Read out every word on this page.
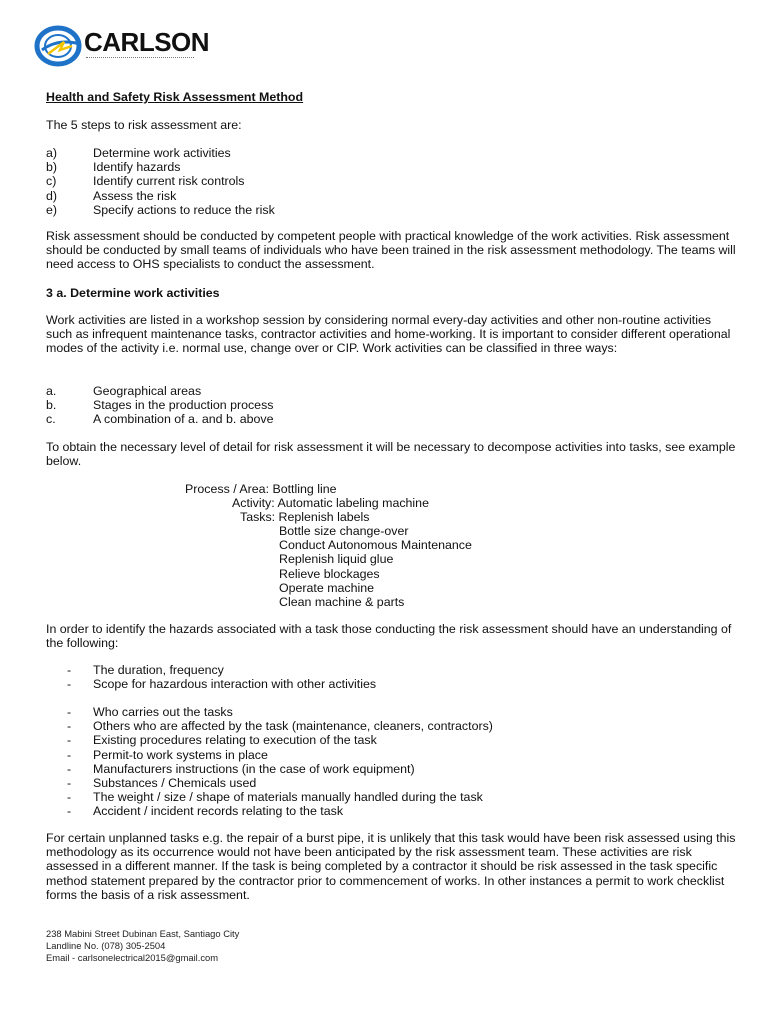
CARLSON
Health and Safety Risk Assessment Method
The 5 steps to risk assessment are:
a)	Determine work activities
b)	Identify hazards
c)	Identify current risk controls
d)	Assess the risk
e)	Specify actions to reduce the risk
Risk assessment should be conducted by competent people with practical knowledge of the work activities. Risk assessment should be conducted by small teams of individuals who have been trained in the risk assessment methodology. The teams will need access to OHS specialists to conduct the assessment.
3 a. Determine work activities
Work activities are listed in a workshop session by considering normal every-day activities and other non-routine activities such as infrequent maintenance tasks, contractor activities and home-working. It is important to consider different operational modes of the activity i.e. normal use, change over or CIP. Work activities can be classified in three ways:
a.	Geographical areas
b.	Stages in the production process
c.	A combination of a. and b. above
To obtain the necessary level of detail for risk assessment it will be necessary to decompose activities into tasks, see example below.
Process / Area: Bottling line
Activity: Automatic labeling machine
Tasks: Replenish labels
Bottle size change-over
Conduct Autonomous Maintenance
Replenish liquid glue
Relieve blockages
Operate machine
Clean machine & parts
In order to identify the hazards associated with a task those conducting the risk assessment should have an understanding of the following:
-	The duration, frequency
-	Scope for hazardous interaction with other activities
-	Who carries out the tasks
-	Others who are affected by the task (maintenance, cleaners, contractors)
-	Existing procedures relating to execution of the task
-	Permit-to work systems in place
-	Manufacturers instructions (in the case of work equipment)
-	Substances / Chemicals used
-	The weight / size / shape of materials manually handled during the task
-	Accident / incident records relating to the task
For certain unplanned tasks e.g. the repair of a burst pipe, it is unlikely that this task would have been risk assessed using this methodology as its occurrence would not have been anticipated by the risk assessment team. These activities are risk assessed in a different manner. If the task is being completed by a contractor it should be risk assessed in the task specific method statement prepared by the contractor prior to commencement of works. In other instances a permit to work checklist forms the basis of a risk assessment.
238 Mabini Street Dubinan East, Santiago City
Landline No. (078) 305-2504
Email - carlsonelectrical2015@gmail.com
